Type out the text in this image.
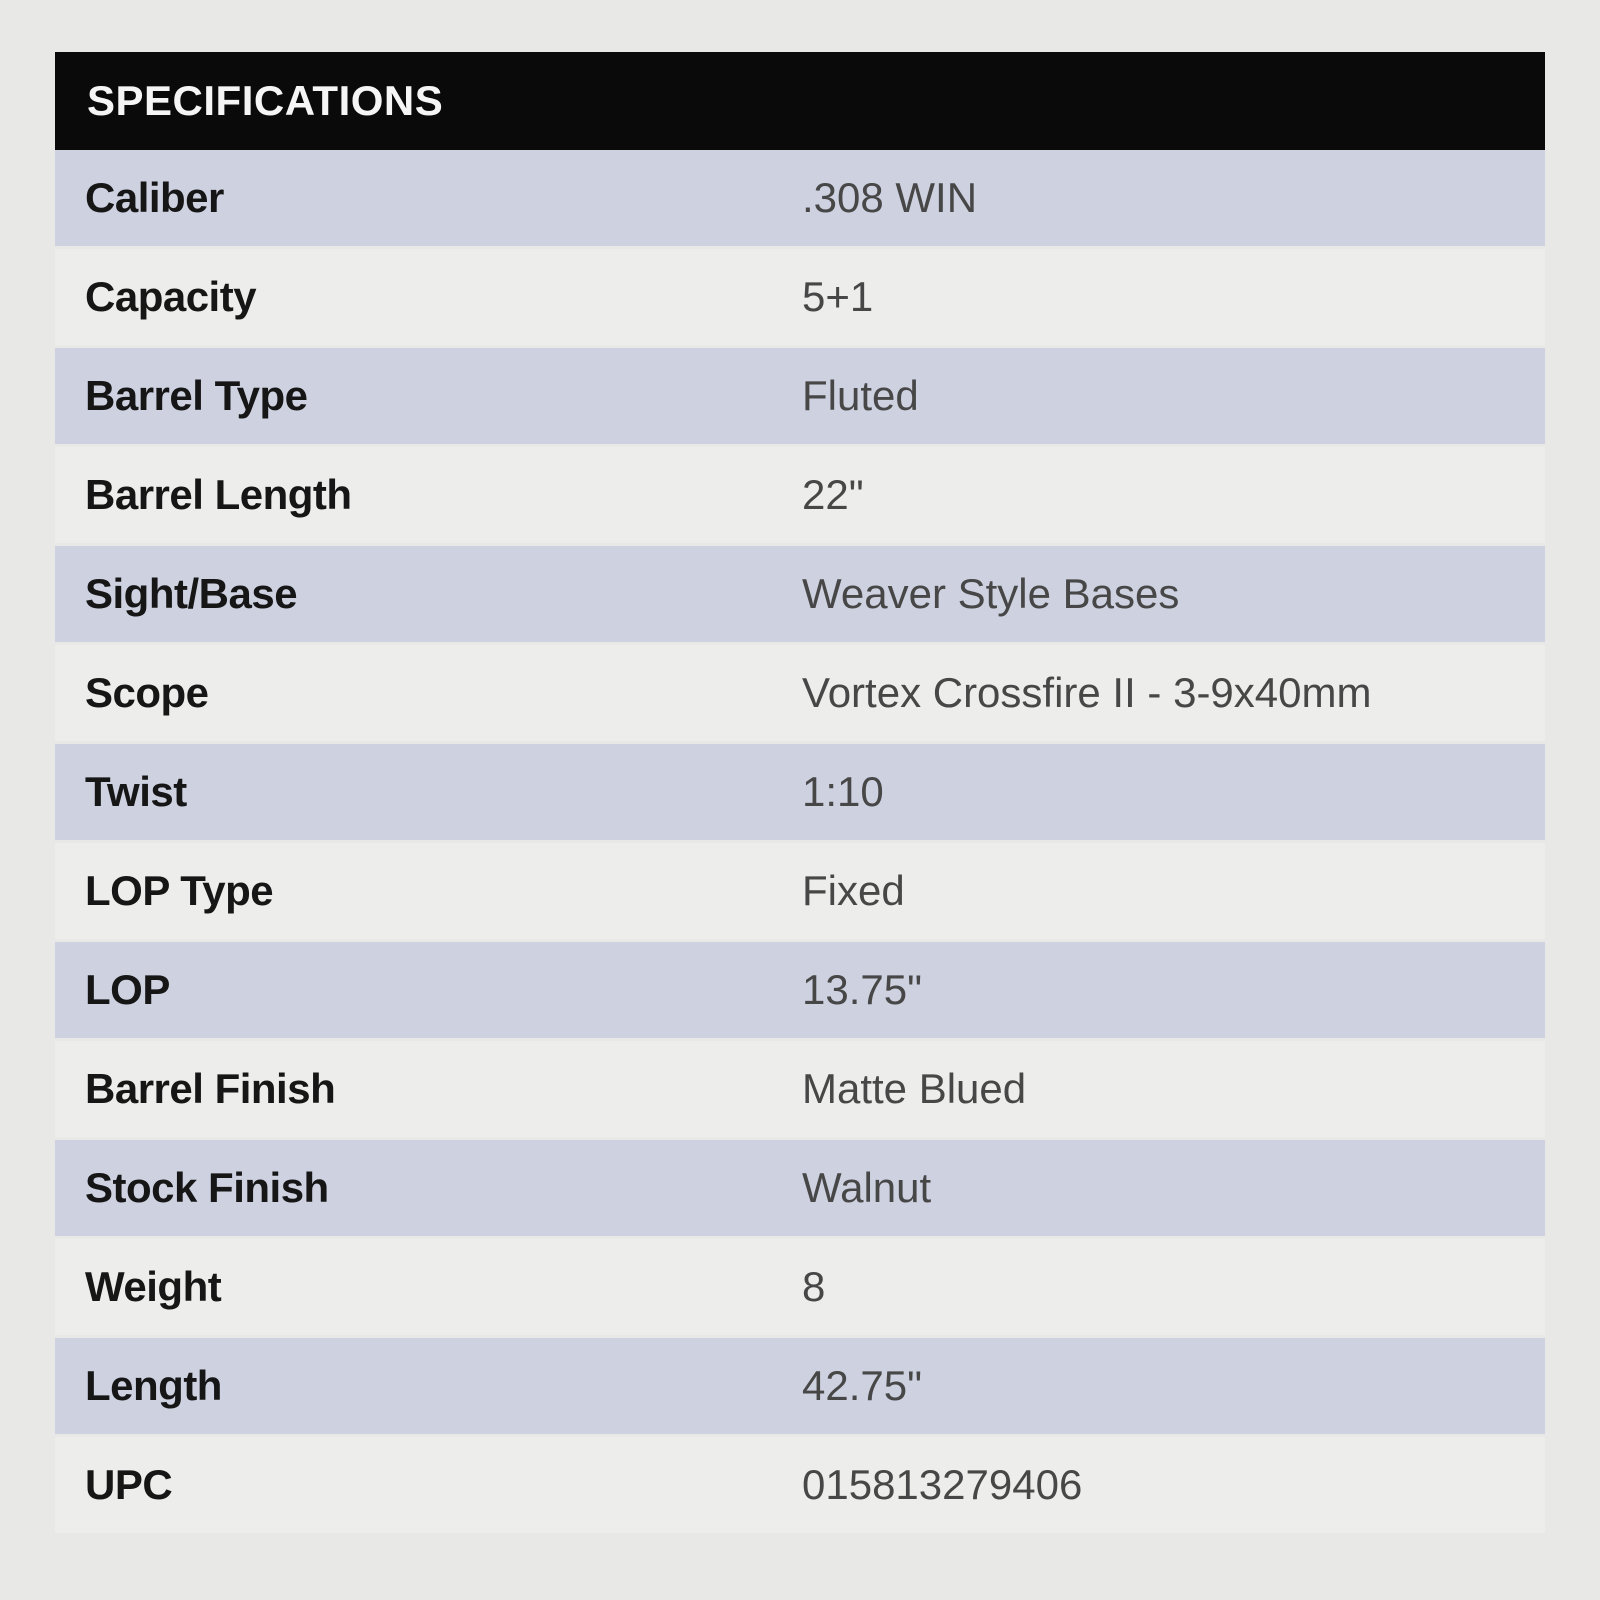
SPECIFICATIONS	
Caliber	.308 WIN
Capacity	5+1
Barrel Type	Fluted
Barrel Length	22"
Sight/Base	Weaver Style Bases
Scope	Vortex Crossfire II - 3-9x40mm
Twist	1:10
LOP Type	Fixed
LOP	13.75"
Barrel Finish	Matte Blued
Stock Finish	Walnut
Weight	8
Length	42.75"
UPC	015813279406
